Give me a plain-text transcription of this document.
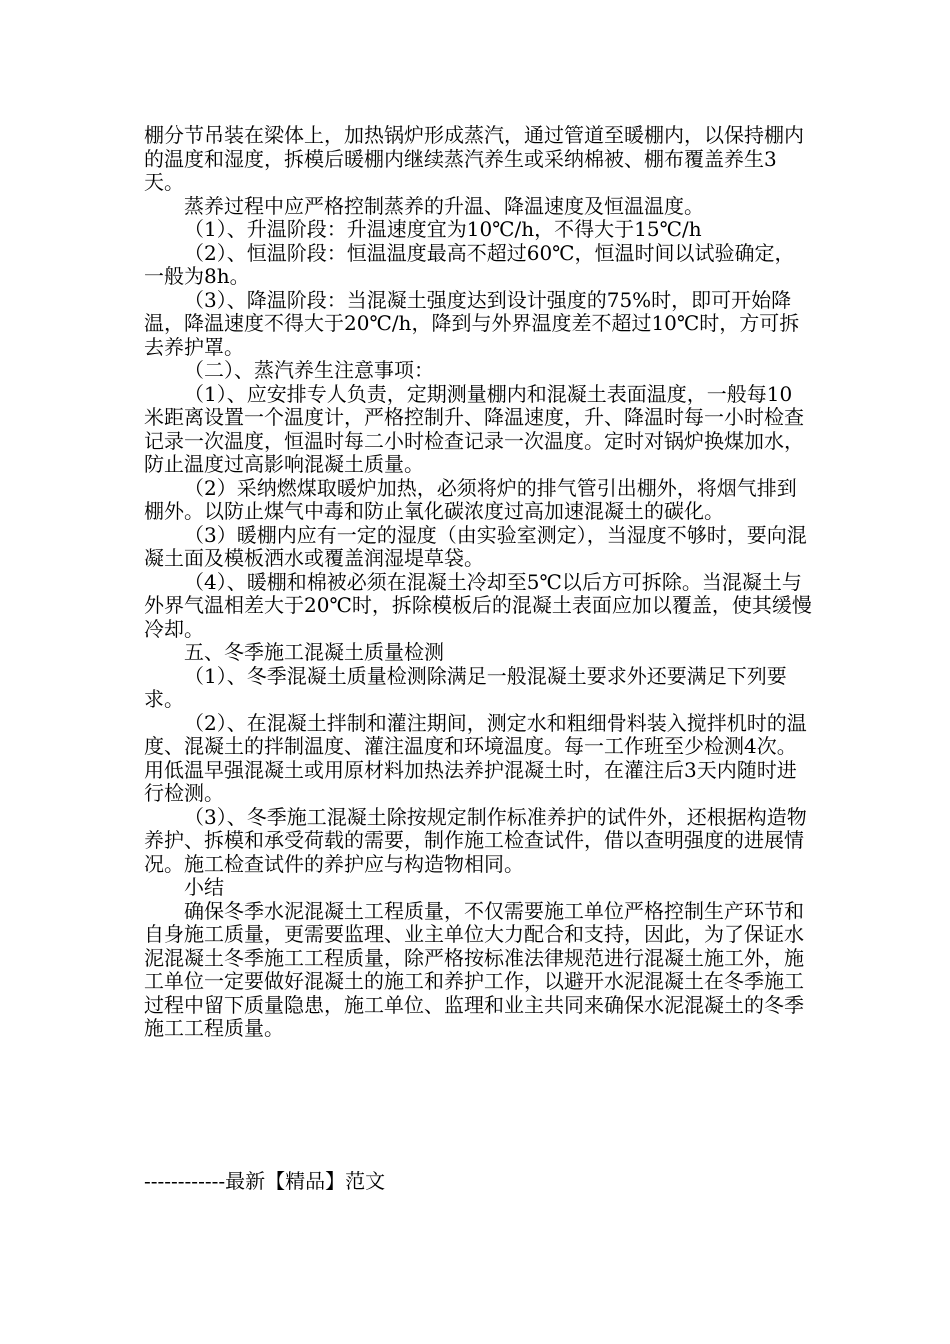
棚分节吊装在梁体上，加热锅炉形成蒸汽，通过管道至暖棚内，以保持棚内的温度和湿度，拆模后暖棚内继续蒸汽养生或采纳棉被、棚布覆盖养生3天。

蒸养过程中应严格控制蒸养的升温、降温速度及恒温温度。

（1）、升温阶段：升温速度宜为10℃/h，不得大于15℃/h

（2）、恒温阶段：恒温温度最高不超过60℃，恒温时间以试验确定，一般为8h。

（3）、降温阶段：当混凝土强度达到设计强度的75%时，即可开始降温，降温速度不得大于20℃/h，降到与外界温度差不超过10℃时，方可拆去养护罩。

（二）、蒸汽养生注意事项：

（1）、应安排专人负责，定期测量棚内和混凝土表面温度，一般每10米距离设置一个温度计，严格控制升、降温速度，升、降温时每一小时检查记录一次温度，恒温时每二小时检查记录一次温度。定时对锅炉换煤加水，防止温度过高影响混凝土质量。

（2）采纳燃煤取暖炉加热，必须将炉的排气管引出棚外，将烟气排到棚外。以防止煤气中毒和防止氧化碳浓度过高加速混凝土的碳化。

（3）暖棚内应有一定的湿度（由实验室测定），当湿度不够时，要向混凝土面及模板洒水或覆盖润湿堤草袋。

（4）、暖棚和棉被必须在混凝土冷却至5℃以后方可拆除。当混凝土与外界气温相差大于20℃时，拆除模板后的混凝土表面应加以覆盖，使其缓慢冷却。

五、冬季施工混凝土质量检测

（1）、冬季混凝土质量检测除满足一般混凝土要求外还要满足下列要求。

（2）、在混凝土拌制和灌注期间，测定水和粗细骨料装入搅拌机时的温度、混凝土的拌制温度、灌注温度和环境温度。每一工作班至少检测4次。用低温早强混凝土或用原材料加热法养护混凝土时，在灌注后3天内随时进行检测。

（3）、冬季施工混凝土除按规定制作标准养护的试件外，还根据构造物养护、拆模和承受荷载的需要，制作施工检查试件，借以查明强度的进展情况。施工检查试件的养护应与构造物相同。

小结

确保冬季水泥混凝土工程质量，不仅需要施工单位严格控制生产环节和自身施工质量，更需要监理、业主单位大力配合和支持，因此，为了保证水泥混凝土冬季施工工程质量，除严格按标准法律规范进行混凝土施工外，施工单位一定要做好混凝土的施工和养护工作，以避开水泥混凝土在冬季施工过程中留下质量隐患，施工单位、监理和业主共同来确保水泥混凝土的冬季施工工程质量。

------------最新【精品】范文
